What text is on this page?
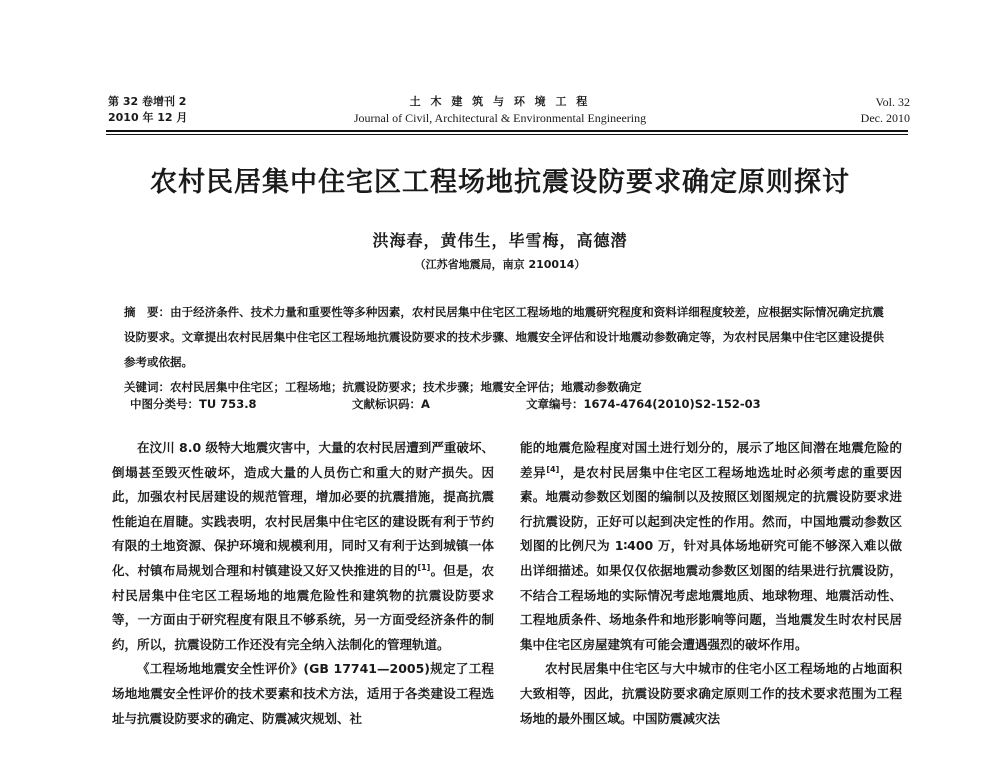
第 32 卷增刊 2
2010 年 12 月
土 木 建 筑 与 环 境 工 程
Journal of Civil, Architectural & Environmental Engineering
Vol. 32
Dec. 2010
农村民居集中住宅区工程场地抗震设防要求确定原则探讨
洪海春，黄伟生，毕雪梅，高德潜
（江苏省地震局，南京 210014）

摘　要：由于经济条件、技术力量和重要性等多种因素，农村民居集中住宅区工程场地的地震研究程度和资料详细程度较差，应根据实际情况确定抗震设防要求。文章提出农村民居集中住宅区工程场地抗震设防要求的技术步骤、地震安全评估和设计地震动参数确定等，为农村民居集中住宅区建设提供参考或依据。

关键词：农村民居集中住宅区；工程场地；抗震设防要求；技术步骤；地震安全评估；地震动参数确定

中图分类号：TU 753.8	文献标识码：A	文章编号：1674-4764(2010)S2-152-03

在汶川 8.0 级特大地震灾害中，大量的农村民居遭到严重破坏、倒塌甚至毁灭性破坏，造成大量的人员伤亡和重大的财产损失。因此，加强农村民居建设的规范管理，增加必要的抗震措施，提高抗震性能迫在眉睫。实践表明，农村民居集中住宅区的建设既有利于节约有限的土地资源、保护环境和规模利用，同时又有利于达到城镇一体化、村镇布局规划合理和村镇建设又好又快推进的目的[1]。但是，农村民居集中住宅区工程场地的地震危险性和建筑物的抗震设防要求等，一方面由于研究程度有限且不够系统，另一方面受经济条件的制约，所以，抗震设防工作还没有完全纳入法制化的管理轨道。

《工程场地地震安全性评价》(GB 17741—2005)规定了工程场地地震安全性评价的技术要素和技术方法，适用于各类建设工程选址与抗震设防要求的确定、防震减灾规划、社

能的地震危险程度对国土进行划分的，展示了地区间潜在地震危险的差异[4]，是农村民居集中住宅区工程场地选址时必须考虑的重要因素。地震动参数区划图的编制以及按照区划图规定的抗震设防要求进行抗震设防，正好可以起到决定性的作用。然而，中国地震动参数区划图的比例尺为 1∶400 万，针对具体场地研究可能不够深入难以做出详细描述。如果仅仅依据地震动参数区划图的结果进行抗震设防，不结合工程场地的实际情况考虑地震地质、地球物理、地震活动性、工程地质条件、场地条件和地形影响等问题，当地震发生时农村民居集中住宅区房屋建筑有可能会遭遇强烈的破坏作用。

农村民居集中住宅区与大中城市的住宅小区工程场地的占地面积大致相等，因此，抗震设防要求确定原则工作的技术要求范围为工程场地的最外围区域。中国防震减灾法
